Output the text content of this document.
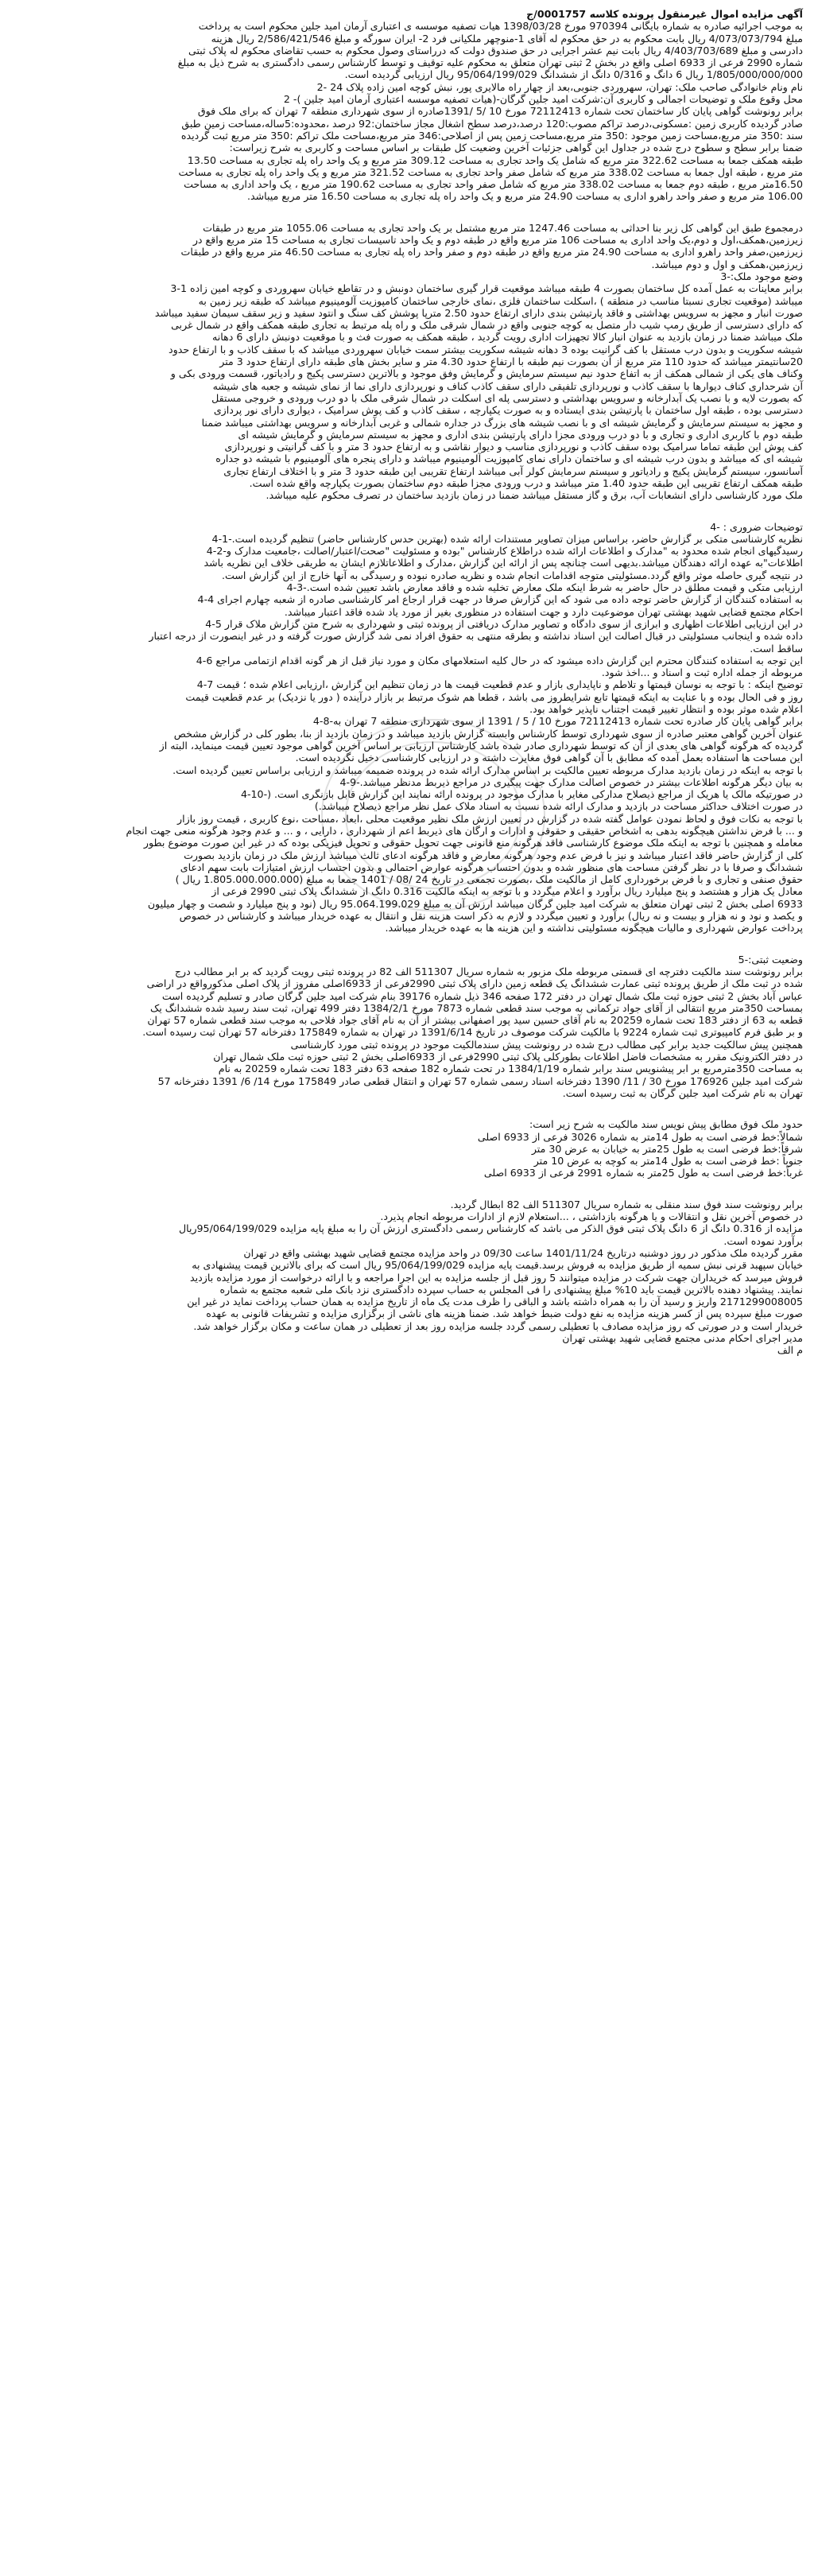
آگهی مزایده اموال غیرمنقول پرونده کلاسه 0001757/ج

به موجب اجرائیه صادره به شماره بایگانی 970394 مورخ 1398/03/28 هیات تصفیه موسسه ی اعتباری آرمان امید جلین محکوم است به پرداخت

مبلغ 4/073/073/794 ریال بابت محکوم به در حق محکوم له آقای 1-منوچهر ملکیانی فرد 2- ایران سورگه و مبلغ 2/586/421/546 ریال هزینه

دادرسی و مبلغ 4/403/703/689 ریال بابت نیم عشر اجرایی در حق صندوق دولت که درراستای وصول محکوم به حسب تقاضای محکوم له پلاک ثبتی

شماره 2990 فرعی از 6933 اصلی واقع در بخش 2 ثبتی تهران متعلق به محکوم علیه توقیف و توسط کارشناس رسمی دادگستری به شرح ذیل به مبلغ

1/805/000/000/000 ریال 6 دانگ و 0/316 دانگ از ششدانگ 95/064/199/029 ریال ارزیابی گردیده است.

نام ونام خانوادگی صاحب ملک: تهران، سهروردی جنوبی،بعد از چهار راه مالایری پور، نبش کوچه امین زاده پلاک 24 -2

محل وقوع ملک و توضیحات اجمالی و کاربری آن:شرکت امید جلین گرگان-(هیات تصفیه موسسه اعتباری آرمان امید جلین )- 2

برابر رونوشت گواهی پایان کار ساختمان تحت شماره 72112413 مورخ 10 /5 /1391صادره از سوی شهرداری منطقه 7 تهران که برای ملک فوق

صادر گردیده کاربری زمین :مسکونی،درصد تراکم مصوب:120 درصد،درصد سطح اشغال مجاز ساختمان:92 درصد ،محدوده:5ساله،مساحت زمین طبق

سند :350 متر مربع،مساحت زمین موجود :350 متر مربع،مساحت زمین پس از اصلاحی:346 متر مربع،مساحت ملک تراکم :350 متر مربع ثبت گردیده

ضمنا برابر سطح و سطوح درج شده در جداول این گواهی جزئیات آخرین وضعیت کل طبقات بر اساس مساحت و کاربری به شرح زیراست:

طبقه همکف جمعا به مساحت 322.62 متر مربع که شامل یک واحد تجاری به مساحت 309.12 متر مربع و یک واحد راه پله تجاری به مساحت 13.50

متر مربع ، طبقه اول جمعا به مساحت 338.02 متر مربع که شامل صفر واحد تجاری به مساحت 321.52 متر مربع و یک واحد راه پله تجاری به مساحت

16.50متر مربع ، طبقه دوم جمعا به مساحت 338.02 متر مربع که شامل صفر واحد تجاری به مساحت 190.62 متر مربع ، یک واحد اداری به مساحت

106.00 متر مربع و صفر واحد راهرو اداری به مساحت 24.90 متر مربع و یک واحد راه پله تجاری به مساحت 16.50 متر مربع میباشد.

درمجموع طبق این گواهی کل زیر بنا احداثی به مساحت 1247.46 متر مربع مشتمل بر یک واحد تجاری به مساحت 1055.06 متر مربع در طبقات

زیرزمین،همکف،اول و دوم،یک واحد اداری به مساحت 106 متر مربع واقع در طبقه دوم و یک واحد تاسیسات تجاری به مساحت 15 متر مربع واقع در

زیرزمین،صفر واحد راهرو اداری به مساحت 24.90 متر مربع واقع در طبقه دوم و صفر واحد راه پله تجاری به مساحت 46.50 متر مربع واقع در طبقات

زیرزمین،همکف و اول و دوم میباشد.

وضع موجود ملک:-3

برابر معاینات به عمل آمده کل ساختمان بصورت 4 طبقه میباشد موقعیت قرار گیری ساختمان دونبش و در تقاطع خیابان سهروردی و کوچه امین زاده 1-3

میباشد (موقعیت تجاری نسبتا مناسب در منطقه ) ،اسکلت ساختمان فلزی ،نمای خارجی ساختمان کامپوزیت آلومینیوم میباشد که طبقه زیر زمین به

صورت انبار و مجهز به سرویس بهداشتی و فاقد پارتیشن بندی دارای ارتفاع حدود 2.50 مترپا پوشش کف سنگ و انتود سفید و زیر سقف سیمان سفید میباشد

که دارای دسترسی از طریق رمپ شیب دار متصل به کوچه جنوبی واقع در شمال شرقی ملک و راه پله مرتبط به تجاری طبقه همکف واقع در شمال غربی

ملک میباشد ضمنا در زمان بازدید به عنوان انبار کالا تجهیزات اداری رویت گردید ، طبقه همکف به صورت فث و با موقعیت دونبش دارای 6 دهانه

شیشه سکوریت و بدون درب مستقل با کف گرانیت بوده 3 دهانه شیشه سکوریت بیشتر سمت خیابان سهروردی میباشد که با سقف کاذب و با ارتفاع حدود

20سانتیمتر میباشد که حدود 110 متر مربع از آن بصورت نیم طبقه با ارتفاع حدود 4.30 متر و سایر بخش های طبقه دارای ارتفاع حدود 3 متر

وکناف های یکی از شمالی همکف از به اتفاع حدود نیم سیستم سرمایش و گرمایش وفق موجود و بالاترین دسترسی پکیج و رادیاتور، قسمت ورودی بکی و

آن شرحداری کناف دیوارها با سقف کاذب و نورپردازی تلفیقی دارای سقف کاذب کناف و نورپردازی دارای نما از نمای شیشه و جعبه های شیشه

که بصورت لایه و با نصب یک آبدارخانه و سرویس بهداشتی و دسترسی پله ای اسکلت در شمال شرقی ملک با دو درب ورودی و خروجی مستقل

دسترسی بوده ، طبقه اول ساختمان با پارتیشن بندی ایستاده و به صورت یکپارچه ، سقف کاذب و کف پوش سرامیک ، دیواری دارای نور پردازی

و مجهز به سیستم سرمایش و گرمایش شیشه ای و با نصب شیشه های بزرگ در جداره شمالی و غربی آبدارخانه و سرویس بهداشتی میباشد ضمنا

طبقه دوم با کاربری اداری و تجاری و با دو درب ورودی مجزا دارای پارتیشن بندی اداری و مجهز به سیستم سرمایش و گرمایش شیشه ای

کف پوش این طبقه تماما سرامیک بوده سقف کاذب و نورپردازی مناسب و دیوار نقاشی و به ارتفاع حدود 3 متر و با کف گرانیتی و نورپردازی

شیشه ای که میباشد و بدون درب شیشه ای و ساختمان دارای نمای کامپوزیت آلومینیوم میباشد و دارای پنجره های آلومینیوم با شیشه دو جداره

آسانسور، سیستم گرمایش پکیج و رادیاتور و سیستم سرمایش کولر آبی میباشد ارتفاع تقریبی این طبقه حدود 3 متر و با اختلاف ارتفاع تجاری

طبقه همکف ارتفاع تقریبی این طبقه حدود 1.40 متر میباشد و درب ورودی مجزا طبقه دوم ساختمان بصورت یکپارچه واقع شده است.

ملک مورد کارشناسی دارای انشعابات آب، برق و گاز مستقل میباشد ضمنا در زمان بازدید ساختمان در تصرف محکوم علیه میباشد.

توضیحات ضروری : -4

نظریه کارشناسی متکی بر گزارش حاضر، براساس میزان تصاویر مستندات ارائه شده (بهترین حدس کارشناس حاضر) تنظیم گردیده است.-1-4

رسیدگیهای انجام شده محدود به "مدارک و اطلاعات ارائه شده دراطلاع کارشناس "بوده و مسئولیت "صحت/اعتبار/اصالت ،جامعیت مدارک و-2-4

اطلاعات"به عهده ارائه دهندگان میباشد.بدیهی است چنانچه پس از ارائه این گزارش ،مدارک و اطلاعاتلازم ایشان به طریقی خلاف این نظریه باشد

در نتیجه گیری حاصله موثر واقع گردد.مسئولیتی متوجه اقدامات انجام شده و نظریه صادره نبوده و رسیدگی به آنها خارج از این گزارش است.

ارزیابی متکی و قیمت مطلق در حال حاضر به شرط اینکه ملک معارض تخلیه شده و فاقد معارض باشد تعیین شده است.-3-4

به استفاده کنندگان از گزارش حاضر توجه داده می شود که این گزارش صرفا در جهت قرار ارجاع امر کارشناسی صادره از شعبه چهارم اجرای 4-4

احکام مجتمع قضایی شهید بهشتی تهران موضوعیت دارد و جهت استفاده در منظوری بغیر از مورد یاد شده فاقد اعتبار میباشد.

در این ارزیابی اطلاعات اظهاری و ابرازی از سوی دادگاه و تصاویر مدارک دریافتی از پرونده ثبتی و شهرداری به شرح متن گزارش ملاک قرار 5-4

داده شده و اینجانب مسئولیتی در قبال اصالت این اسناد نداشته و بطرقه منتهی به حقوق افراد نمی شد گزارش صورت گرفته و در غیر اینصورت از درجه اعتبار

ساقط است.

این توجه به استفاده کنندگان محترم این گزارش داده میشود که در حال کلیه استعلامهای مکان و مورد نیاز قبل از هر گونه اقدام ازتمامی مراجع 6-4

مربوطه از جمله اداره ثبت و اسناد و ...اخذ شود.

توضیح اینکه : با توجه به نوسان قیمتها و تلاطم و ناپایداری بازار و عدم قطعیت قیمت ها در زمان تنظیم این گزارش ،ارزیابی اعلام شده ؛ قیمت 7-4

روز و فی الحال بوده و با عنایت به اینکه قیمتها تابع شرایطروز می باشد ، قطعا هم شوک مرتبط بر بازار درآینده ( دور یا نزدیک) بر عدم قطعیت قیمت

اعلام شده موثر بوده و انتظار تغییر قیمت اجتناب ناپذیر خواهد بود.

برابر گواهی پایان کار صادره تحت شماره 72112413 مورخ 10 / 5 / 1391 از سوی شهرداری منطقه 7 تهران به-8-4

عنوان آخرین گواهی معتبر صادره از سوی شهرداری توسط کارشناس وابسته گزارش بازدید میباشد و در زمان بازدید از بنا، بطور کلی در گزارش مشخص

گردیده که هرگونه گواهی های بعدی از آن که توسط شهرداری صادر شده باشد کارشناس ارزیابی بر اساس آخرین گواهی موجود تعیین قیمت مینماید، البته از

این مساحت ها استفاده بعمل آمده که مطابق با آن گواهی فوق مغایرت داشته و در ارزیابی کارشناسی دخیل نگردیده است.

با توجه به اینکه در زمان بازدید مدارک مربوطه تعیین مالکیت بر اساس مدارک ارائه شده در پرونده ضمیمه میباشد و ارزیابی براساس تعیین گردیده است.

به بیان دیگر هرگونه اطلاعات بیشتر در خصوص اصالت مدارک جهت پیگیری در مراجع ذیربط مدنظر میباشد.-9-4

در صورتیکه مالک یا هریک از مراجع ذیصلاح مدارکی مغایر با مدارک موجود در پرونده ارائه نمایند این گزارش قابل بازنگری است. (-10-4

در صورت اختلاف حداکثر مساحت در بازدید و مدارک ارائه شده نسبت به اسناد ملاک عمل نظر مراجع ذیصلاح میباشد.)

با توجه به نکات فوق و لحاظ نمودن عوامل گفته شده در گزارش در تعیین ارزش ملک نظیر موقعیت محلی ،ابعاد ،مساحت ،نوع کاربری ، قیمت روز بازار

و ... با فرض نداشتن هیچگونه بدهی به اشخاص حقیقی و حقوقی و ادارات و ارگان های ذیربط اعم از شهرداری ، دارایی ، و ... و عدم وجود هرگونه منعی جهت انجام

معامله و همچنین با توجه به اینکه ملک موضوع کارشناسی فاقد هرگونه منع قانونی جهت تحویل حقوقی و تحویل فیزیکی بوده که در غیر این صورت موضوع بطور

کلی از گزارش حاضر فاقد اعتبار میباشد و نیز با فرض عدم وجود هرگونه معارض و فاقد هرگونه ادعای ثالث میباشد ارزش ملک در زمان بازدید بصورت

ششدانگ و صرفا با در نظر گرفتن مساحت های منظور شده و بدون احتساب هرگونه عوارض احتمالی و بدون احتساب ارزش امتیازات بابت سهم ادعای

حقوق صنفی و تجاری و با فرض برخورداری کامل از مالکیت ملک ،بصورت تجمعی در تاریخ 24 /08 / 1401 جمعا به مبلغ (1.805.000.000.000 ریال )

معادل یک هزار و هشتصد و پنج میلیارد ریال برآورد و اعلام میگردد و با توجه به اینکه مالکیت 0.316 دانگ از ششدانگ پلاک ثبتی 2990 فرعی از

6933 اصلی بخش 2 ثبتی تهران متعلق به شرکت امید جلین گرگان میباشد ارزش آن به مبلغ 95.064.199.029 ریال (نود و پنج میلیارد و شصت و چهار میلیون

و یکصد و نود و نه هزار و بیست و نه ریال) برآورد و تعیین میگردد و لازم به ذکر است هزینه نقل و انتقال به عهده خریدار میباشد و کارشناس در خصوص

پرداخت عوارض شهرداری و مالیات هیچگونه مسئولیتی نداشته و این هزینه ها به عهده خریدار میباشد.

وضعیت ثبتی:-5

برابر رونوشت سند مالکیت دفترچه ای قسمتی مربوطه ملک مزبور به شماره سریال 511307 الف 82 در پرونده ثبتی رویت گردید که بر ابر مطالب درج

شده در ثبت ملک از طریق پرونده ثبتی عمارت ششدانگ یک قطعه زمین دارای پلاک ثبتی 2990فرعی از 6933اصلی مفروز از پلاک اصلی مذکورواقع در اراضی

عباس آباد بخش 2 ثبتی حوزه ثبت ملک شمال تهران در دفتر 172 صفحه 346 ذیل شماره 39176 بنام شرکت امید جلین گرگان صادر و تسلیم گردیده است

بمساحت 350متر مربع انتقالی از آقای جواد ترکمانی به موجب سند قطعی شماره 7873 مورخ 1384/2/1 دفتر 499 تهران، ثبت سند رسید شده ششدانگ یک

قطعه به 63 از دفتر 183 تحت شماره 20259 به نام آقای حسین سید پور اصفهانی بیشتر از آن به نام آقای جواد فلاحی به موجب سند قطعی شماره 57 تهران

و بر طبق فرم کامپیوتری ثبت شماره 9224 با مالکیت شرکت موصوف در تاریخ 1391/6/14 در تهران به شماره 175849 دفترخانه 57 تهران ثبت رسیده است.

همچنین پیش سالکیت جدید برابر کپی مطالب درج شده در رونوشت پیش سندمالکیت موجود در پرونده ثبتی مورد کارشناسی

در دفتر الکترونیک مقرر به مشخصات فاضل اطلاعات بطورکلی پلاک ثبتی 2990فرعی از 6933اصلی بخش 2 ثبتی حوزه ثبت ملک شمال تهران

به مساحت 350مترمربع بر ابر پیشنویس سند برابر شماره 1384/1/19 در تحت شماره 182 صفحه 63 دفتر 183 تحت شماره 20259 به نام

شرکت امید جلین 176926 مورخ 30 / 11/ 1390 دفترخانه اسناد رسمی شماره 57 تهران و انتقال قطعی صادر 175849 مورخ 14/ 6/ 1391 دفترخانه 57

تهران به نام شرکت امید جلین گرگان به ثبت رسیده است.

حدود ملک فوق مطابق پیش نویس سند مالکیت به شرح زیر است:

شمالاً:خط فرضی است به طول 14متر به شماره 3026 فرعی از 6933 اصلی

شرقاً:خط فرضی است به طول 25متر به خیابان به عرض 30 متر

جنوباً :خط فرضی است به طول 14متر به کوچه به عرض 10 متر

غرباً:خط فرضی است به طول 25متر به شماره 2991 فرعی از 6933 اصلی

برابر رونوشت سند فوق سند منقلی به شماره سریال 511307 الف 82 ابطال گردید.

در خصوص آخرین نقل و انتقالات و یا هرگونه بازداشتی ، ...استعلام لازم از ادارات مربوطه انجام پذیرد.

مزایده از 0.316 دانگ از 6 دانگ پلاک ثبتی فوق الذکر می باشد که کارشناس رسمی دادگستری ارزش آن را به مبلغ پایه مزایده 95/064/199/029ریال

برآورد نموده است.

مقرر گردیده ملک مذکور در روز دوشنبه درتاریخ 1401/11/24 ساعت 09/30 در واحد مزایده مجتمع قضایی شهید بهشتی واقع در تهران

خیابان سپهبد قرنی نبش سمیه از طریق مزایده به فروش برسد.قیمت پایه مزایده 95/064/199/029 ریال است که برای بالاترین قیمت پیشنهادی به

فروش میرسد که خریداران جهت شرکت در مزایده میتوانند 5 روز قبل از جلسه مزایده به این اجرا مراجعه و با ارائه درخواست از مورد مزایده بازدید

نمایند. پیشنهاد دهنده بالاترین قیمت باید 10% مبلغ پیشنهادی را فی المجلس به حساب سپرده دادگستری نزد بانک ملی شعبه مجتمع به شماره

2171299008005 واریز و رسید آن را به همراه داشته باشد و الباقی را ظرف مدت یک ماه از تاریخ مزایده به همان حساب پرداخت نماید در غیر این

صورت مبلغ سپرده پس از کسر هزینه مزایده به نفع دولت ضبط خواهد شد. ضمنا هزینه های ناشی از برگزاری مزایده و تشریفات قانونی به عهده

خریدار است و در صورتی که روز مزایده مصادف با تعطیلی رسمی گردد جلسه مزایده روز بعد از تعطیلی در همان ساعت و مکان برگزار خواهد شد.

مدیر اجرای احکام مدنی مجتمع قضایی شهید بهشتی تهران

م الف
